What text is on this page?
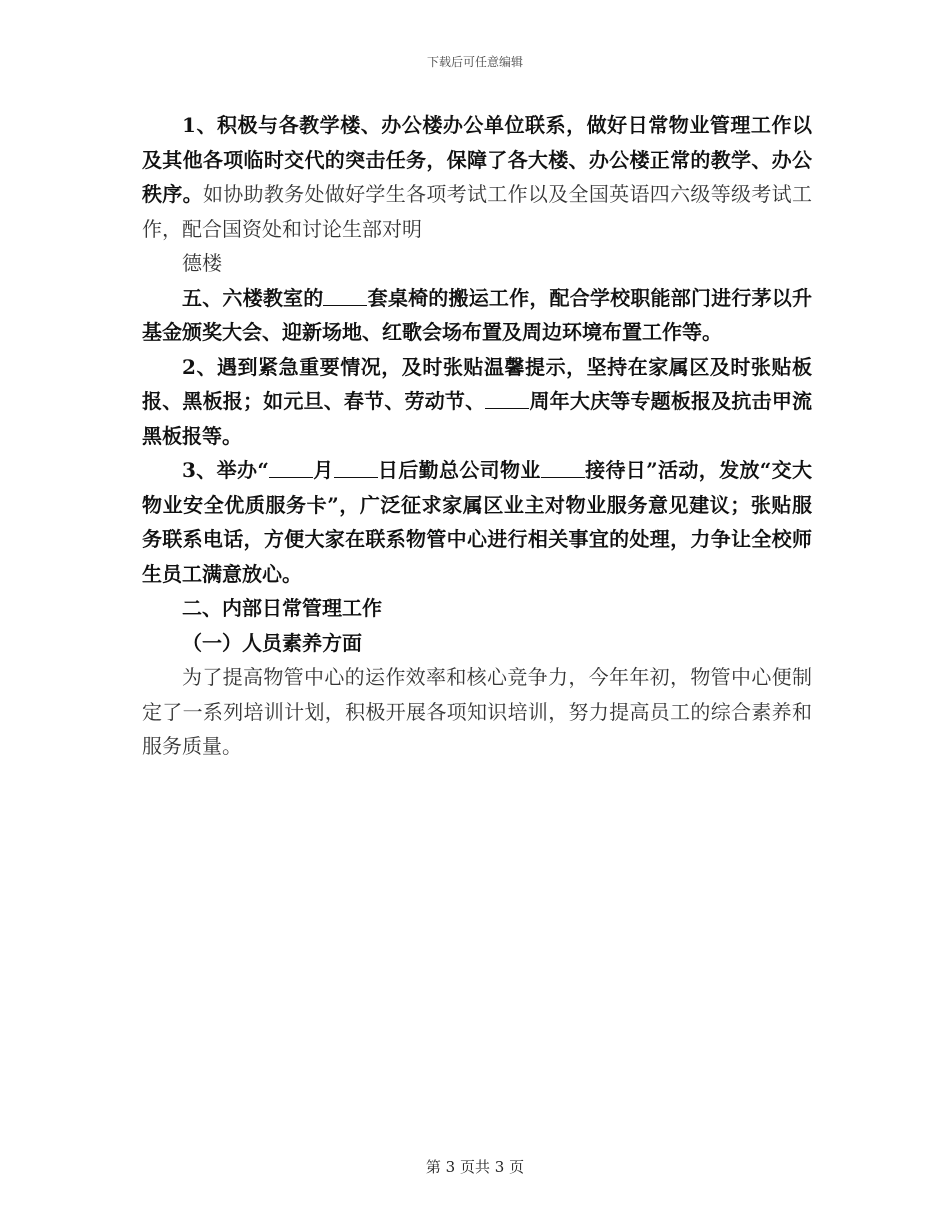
下载后可任意编辑

1、积极与各教学楼、办公楼办公单位联系，做好日常物业管理工作以及其他各项临时交代的突击任务，保障了各大楼、办公楼正常的教学、办公秩序。如协助教务处做好学生各项考试工作以及全国英语四六级等级考试工作，配合国资处和讨论生部对明

德楼

五、六楼教室的 套桌椅的搬运工作，配合学校职能部门进行茅以升基金颁奖大会、迎新场地、红歌会场布置及周边环境布置工作等。

2、遇到紧急重要情况，及时张贴温馨提示，坚持在家属区及时张贴板报、黑板报；如元旦、春节、劳动节、 周年大庆等专题板报及抗击甲流黑板报等。

3、举办“ 月 日后勤总公司物业 接待日”活动，发放“交大物业安全优质服务卡”，广泛征求家属区业主对物业服务意见建议；张贴服务联系电话，方便大家在联系物管中心进行相关事宜的处理，力争让全校师生员工满意放心。

二、内部日常管理工作

（一）人员素养方面

为了提高物管中心的运作效率和核心竞争力，今年年初，物管中心便制定了一系列培训计划，积极开展各项知识培训，努力提高员工的综合素养和服务质量。

第 3 页共 3 页
